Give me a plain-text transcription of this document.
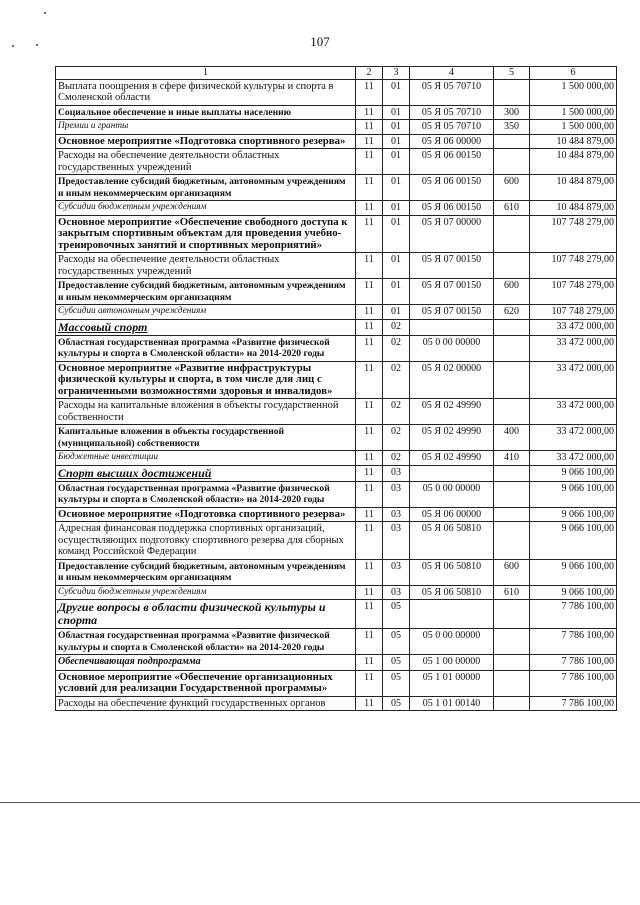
107
1	2	3	4	5	6
Выплата поощрения в сфере физической культуры и спорта в Смоленской области	11	01	05 Я 05 70710		1 500 000,00
Социальное обеспечение и иные выплаты населению	11	01	05 Я 05 70710	300	1 500 000,00
Премии и гранты	11	01	05 Я 05 70710	350	1 500 000,00
Основное мероприятие «Подготовка спортивного резерва»	11	01	05 Я 06 00000		10 484 879,00
Расходы на обеспечение деятельности областных государственных учреждений	11	01	05 Я 06 00150		10 484 879,00
Предоставление субсидий бюджетным, автономным учреждениям и иным некоммерческим организациям	11	01	05 Я 06 00150	600	10 484 879,00
Субсидии бюджетным учреждениям	11	01	05 Я 06 00150	610	10 484 879,00
Основное мероприятие «Обеспечение свободного доступа к закрытым спортивным объектам для проведения учебно-тренировочных занятий и спортивных мероприятий»	11	01	05 Я 07 00000		107 748 279,00
Расходы на обеспечение деятельности областных государственных учреждений	11	01	05 Я 07 00150		107 748 279,00
Предоставление субсидий бюджетным, автономным учреждениям и иным некоммерческим организациям	11	01	05 Я 07 00150	600	107 748 279,00
Субсидии автономным учреждениям	11	01	05 Я 07 00150	620	107 748 279,00
Массовый спорт	11	02			33 472 000,00
Областная государственная программа «Развитие физической культуры и спорта в Смоленской области» на 2014-2020 годы	11	02	05 0 00 00000		33 472 000,00
Основное мероприятие «Развитие инфраструктуры физической культуры и спорта, в том числе для лиц с ограниченными возможностями здоровья и инвалидов»	11	02	05 Я 02 00000		33 472 000,00
Расходы на капитальные вложения в объекты государственной собственности	11	02	05 Я 02 49990		33 472 000,00
Капитальные вложения в объекты государственной (муниципальной) собственности	11	02	05 Я 02 49990	400	33 472 000,00
Бюджетные инвестиции	11	02	05 Я 02 49990	410	33 472 000,00
Спорт высших достижений	11	03			9 066 100,00
Областная государственная программа «Развитие физической культуры и спорта в Смоленской области» на 2014-2020 годы	11	03	05 0 00 00000		9 066 100,00
Основное мероприятие «Подготовка спортивного резерва»	11	03	05 Я 06 00000		9 066 100,00
Адресная финансовая поддержка спортивных организаций, осуществляющих подготовку спортивного резерва для сборных команд Российской Федерации	11	03	05 Я 06 50810		9 066 100,00
Предоставление субсидий бюджетным, автономным учреждениям и иным некоммерческим организациям	11	03	05 Я 06 50810	600	9 066 100,00
Субсидии бюджетным учреждениям	11	03	05 Я 06 50810	610	9 066 100,00
Другие вопросы в области физической культуры и спорта	11	05			7 786 100,00
Областная государственная программа «Развитие физической культуры и спорта в Смоленской области» на 2014-2020 годы	11	05	05 0 00 00000		7 786 100,00
Обеспечивающая подпрограмма	11	05	05 1 00 00000		7 786 100,00
Основное мероприятие «Обеспечение организационных условий для реализации Государственной программы»	11	05	05 1 01 00000		7 786 100,00
Расходы на обеспечение функций государственных органов	11	05	05 1 01 00140		7 786 100,00
